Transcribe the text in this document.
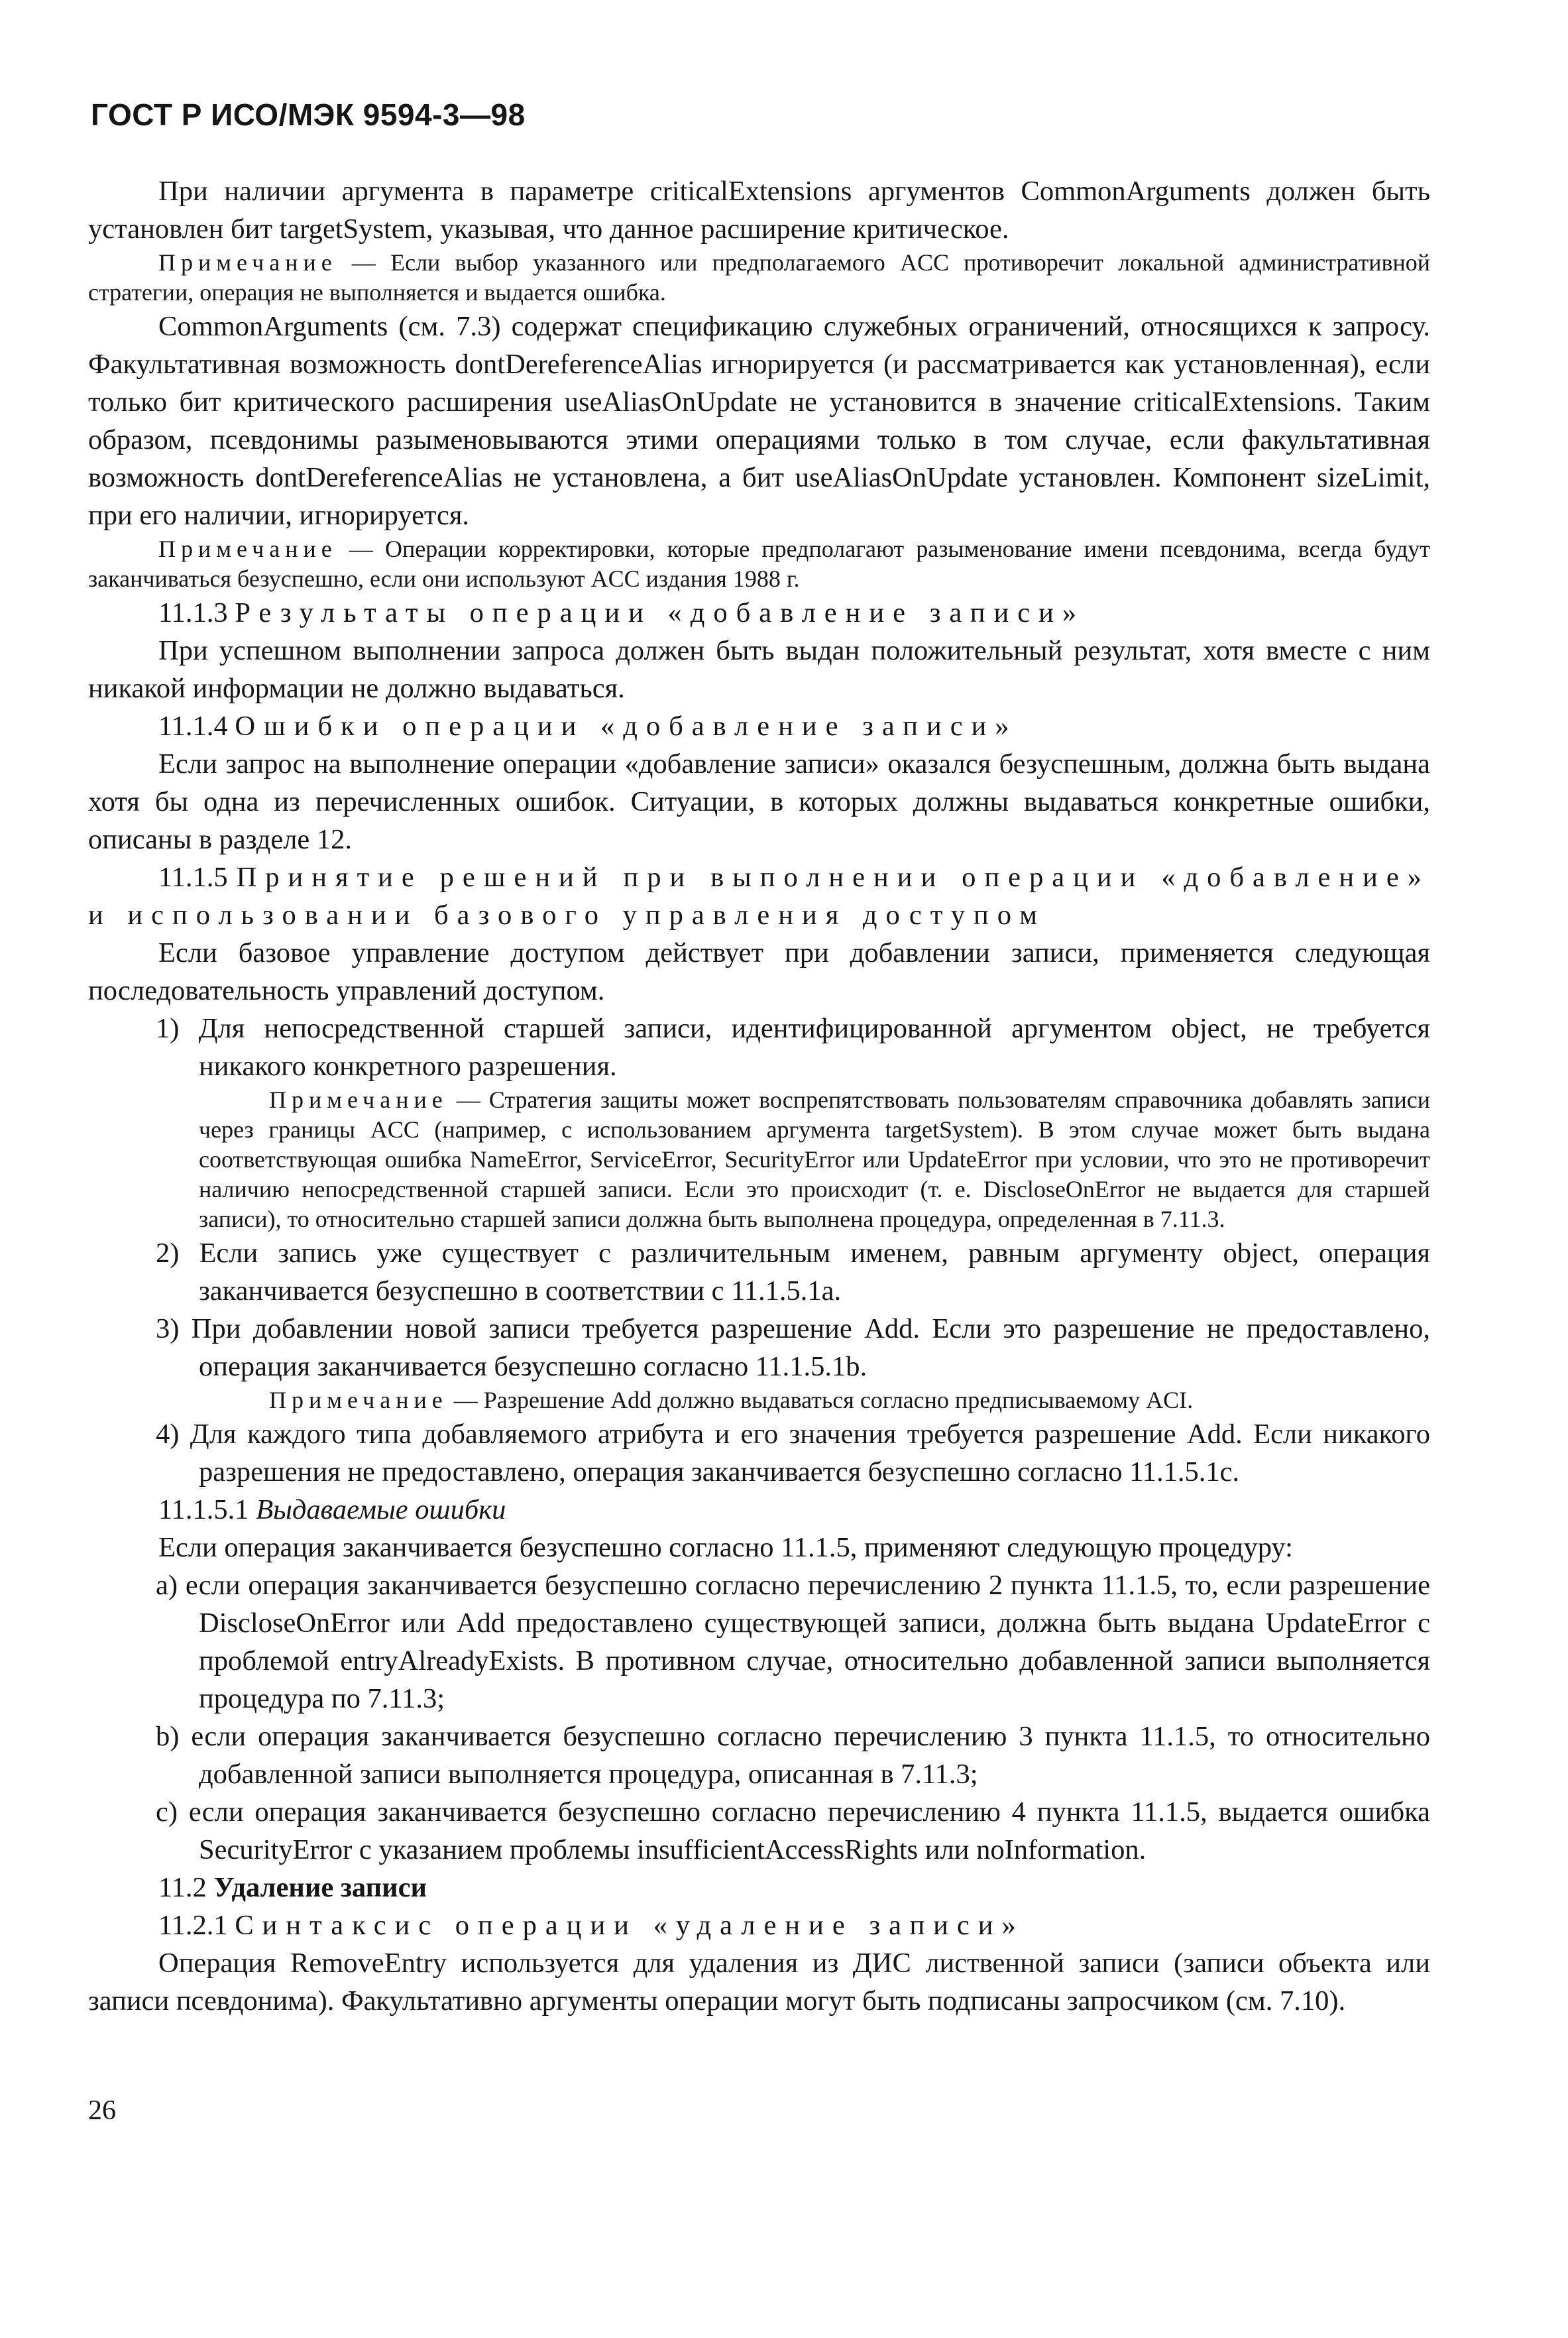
ГОСТ Р ИСО/МЭК 9594-3—98

При наличии аргумента в параметре criticalExtensions аргументов CommonArguments должен быть установлен бит targetSystem, указывая, что данное расширение критическое.

Примечание — Если выбор указанного или предполагаемого ACC противоречит локальной административной стратегии, операция не выполняется и выдается ошибка.

CommonArguments (см. 7.3) содержат спецификацию служебных ограничений, относящихся к запросу. Факультативная возможность dontDereferenceAlias игнорируется (и рассматривается как установленная), если только бит критического расширения useAliasOnUpdate не установится в значение criticalExtensions. Таким образом, псевдонимы разыменовываются этими операциями только в том случае, если факультативная возможность dontDereferenceAlias не установлена, а бит useAliasOnUpdate установлен. Компонент sizeLimit, при его наличии, игнорируется.

Примечание — Операции корректировки, которые предполагают разыменование имени псевдонима, всегда будут заканчиваться безуспешно, если они используют ACC издания 1988 г.

11.1.3 Результаты операции «добавление записи»

При успешном выполнении запроса должен быть выдан положительный результат, хотя вместе с ним никакой информации не должно выдаваться.

11.1.4 Ошибки операции «добавление записи»

Если запрос на выполнение операции «добавление записи» оказался безуспешным, должна быть выдана хотя бы одна из перечисленных ошибок. Ситуации, в которых должны выдаваться конкретные ошибки, описаны в разделе 12.

11.1.5 Принятие решений при выполнении операции «добавление» и использовании базового управления доступом

Если базовое управление доступом действует при добавлении записи, применяется следующая последовательность управлений доступом.

1) Для непосредственной старшей записи, идентифицированной аргументом object, не требуется никакого конкретного разрешения.

Примечание — Стратегия защиты может воспрепятствовать пользователям справочника добавлять записи через границы ACC (например, с использованием аргумента targetSystem). В этом случае может быть выдана соответствующая ошибка NameError, ServiceError, SecurityError или UpdateError при условии, что это не противоречит наличию непосредственной старшей записи. Если это происходит (т. е. DiscloseOnError не выдается для старшей записи), то относительно старшей записи должна быть выполнена процедура, определенная в 7.11.3.

2) Если запись уже существует с различительным именем, равным аргументу object, операция заканчивается безуспешно в соответствии с 11.1.5.1a.

3) При добавлении новой записи требуется разрешение Add. Если это разрешение не предоставлено, операция заканчивается безуспешно согласно 11.1.5.1b.

Примечание — Разрешение Add должно выдаваться согласно предписываемому ACI.

4) Для каждого типа добавляемого атрибута и его значения требуется разрешение Add. Если никакого разрешения не предоставлено, операция заканчивается безуспешно согласно 11.1.5.1c.

11.1.5.1 Выдаваемые ошибки

Если операция заканчивается безуспешно согласно 11.1.5, применяют следующую процедуру:

a) если операция заканчивается безуспешно согласно перечислению 2 пункта 11.1.5, то, если разрешение DiscloseOnError или Add предоставлено существующей записи, должна быть выдана UpdateError с проблемой entryAlreadyExists. В противном случае, относительно добавленной записи выполняется процедура по 7.11.3;

b) если операция заканчивается безуспешно согласно перечислению 3 пункта 11.1.5, то относительно добавленной записи выполняется процедура, описанная в 7.11.3;

c) если операция заканчивается безуспешно согласно перечислению 4 пункта 11.1.5, выдается ошибка SecurityError с указанием проблемы insufficientAccessRights или noInformation.

11.2 Удаление записи

11.2.1 Синтаксис операции «удаление записи»

Операция RemoveEntry используется для удаления из ДИС лиственной записи (записи объекта или записи псевдонима). Факультативно аргументы операции могут быть подписаны запросчиком (см. 7.10).

26
